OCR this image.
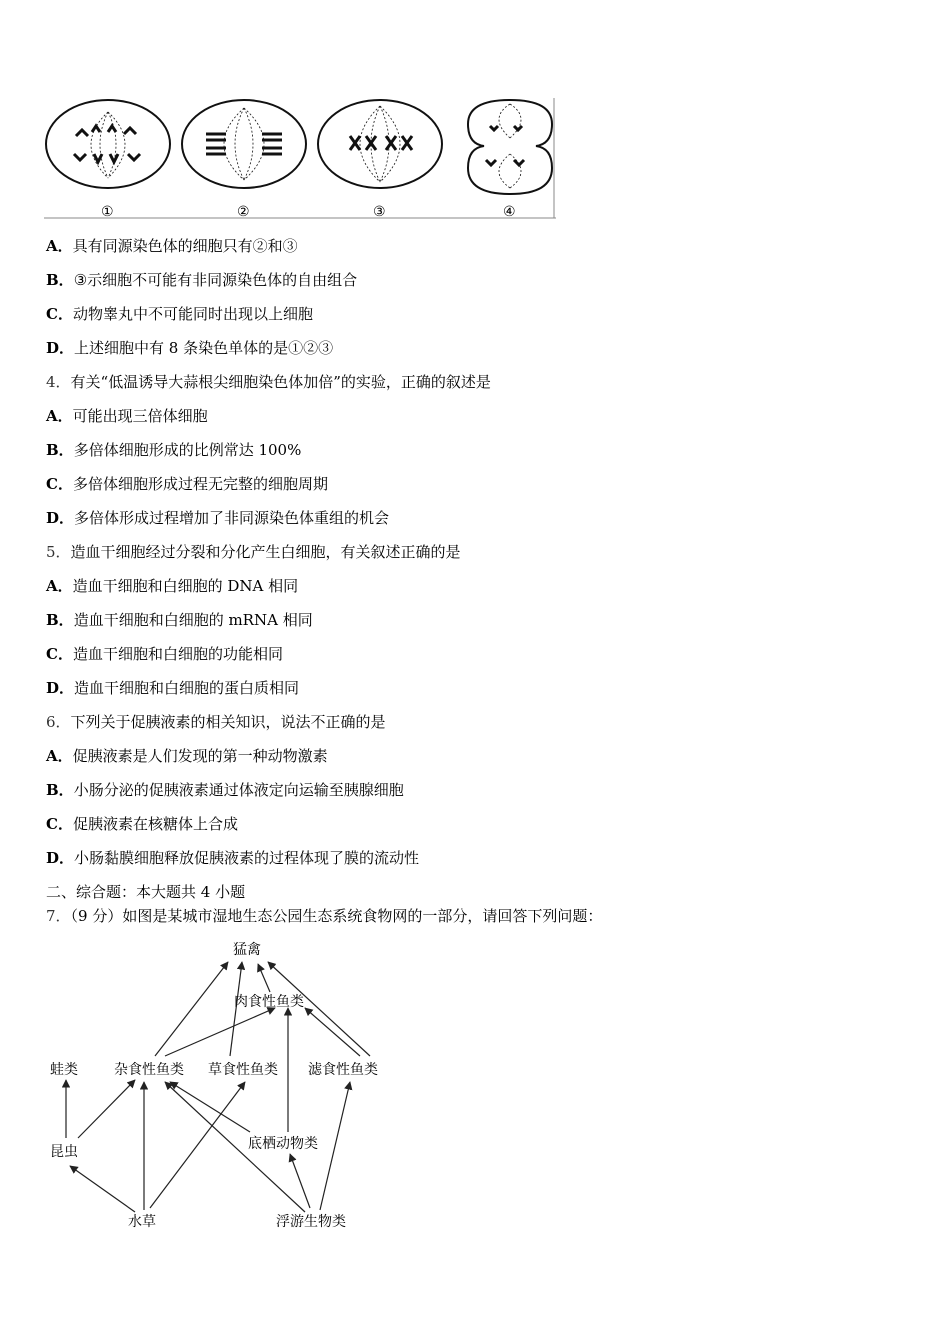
①	②	③	④
A．具有同源染色体的细胞只有②和③
B．③示细胞不可能有非同源染色体的自由组合
C．动物睾丸中不可能同时出现以上细胞
D．上述细胞中有 8 条染色单体的是①②③
4．有关“低温诱导大蒜根尖细胞染色体加倍”的实验，正确的叙述是
A．可能出现三倍体细胞
B．多倍体细胞形成的比例常达 100%
C．多倍体细胞形成过程无完整的细胞周期
D．多倍体形成过程增加了非同源染色体重组的机会
5．造血干细胞经过分裂和分化产生白细胞，有关叙述正确的是
A．造血干细胞和白细胞的 DNA 相同
B．造血干细胞和白细胞的 mRNA 相同
C．造血干细胞和白细胞的功能相同
D．造血干细胞和白细胞的蛋白质相同
6．下列关于促胰液素的相关知识，说法不正确的是
A．促胰液素是人们发现的第一种动物激素
B．小肠分泌的促胰液素通过体液定向运输至胰腺细胞
C．促胰液素在核糖体上合成
D．小肠黏膜细胞释放促胰液素的过程体现了膜的流动性
二、综合题：本大题共 4 小题
7．（9 分）如图是某城市湿地生态公园生态系统食物网的一部分，请回答下列问题：
猛禽
肉食性鱼类
蛙类	杂食性鱼类 草食性鱼类 滤食性鱼类
昆虫	底栖动物类
水草	浮游生物类
